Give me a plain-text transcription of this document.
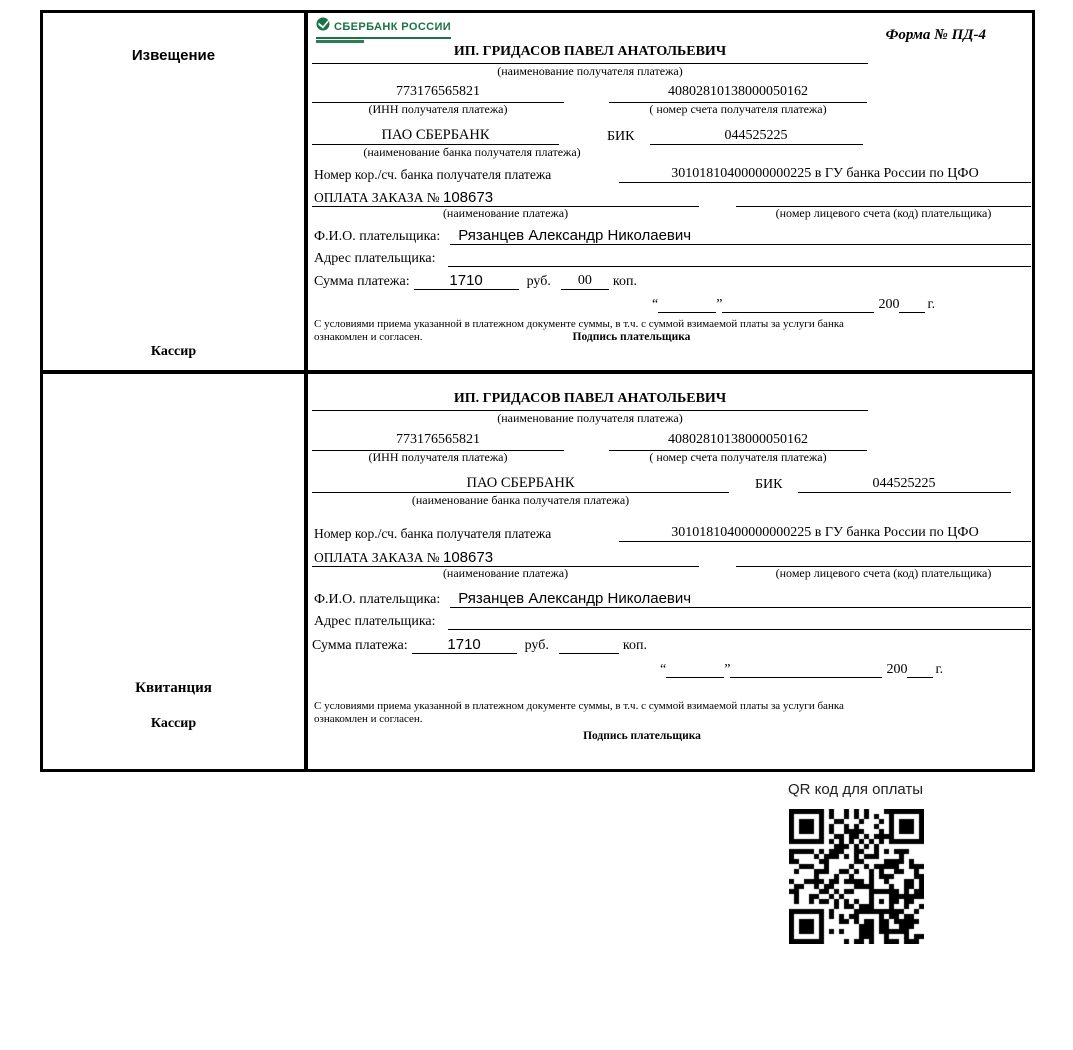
Извещение
Кассир
СБЕРБАНК РОССИИ
Форма № ПД-4
ИП. ГРИДАСОВ ПАВЕЛ АНАТОЛЬЕВИЧ
(наименование получателя платежа)
773176565821	40802810138000050162
(ИНН получателя платежа)	( номер счета получателя платежа)
ПАО СБЕРБАНК	БИК	044525225
(наименование банка получателя платежа)
Номер кор./сч. банка получателя платежа	30101810400000000225 в ГУ банка России по ЦФО
ОПЛАТА ЗАКАЗА № 108673
(наименование платежа)	(номер лицевого счета (код) плательщика)
Ф.И.О. плательщика:	Рязанцев Александр Николаевич
Адрес плательщика:
Сумма платежа:	1710	руб.	00	коп.
“	”	200 г.
С условиями приема указанной в платежном документе суммы, в т.ч. с суммой взимаемой платы за услуги банка
ознакомлен и согласен.	Подпись плательщика
Квитанция
Кассир
ИП. ГРИДАСОВ ПАВЕЛ АНАТОЛЬЕВИЧ
(наименование получателя платежа)
773176565821	40802810138000050162
(ИНН получателя платежа)	( номер счета получателя платежа)
ПАО СБЕРБАНК	БИК	044525225
(наименование банка получателя платежа)
Номер кор./сч. банка получателя платежа	30101810400000000225 в ГУ банка России по ЦФО
ОПЛАТА ЗАКАЗА № 108673
(наименование платежа)	(номер лицевого счета (код) плательщика)
Ф.И.О. плательщика:	Рязанцев Александр Николаевич
Адрес плательщика:
Сумма платежа:	1710	руб.	коп.
“	”	200 г.
С условиями приема указанной в платежном документе суммы, в т.ч. с суммой взимаемой платы за услуги банка
ознакомлен и согласен.
Подпись плательщика
QR код для оплаты
